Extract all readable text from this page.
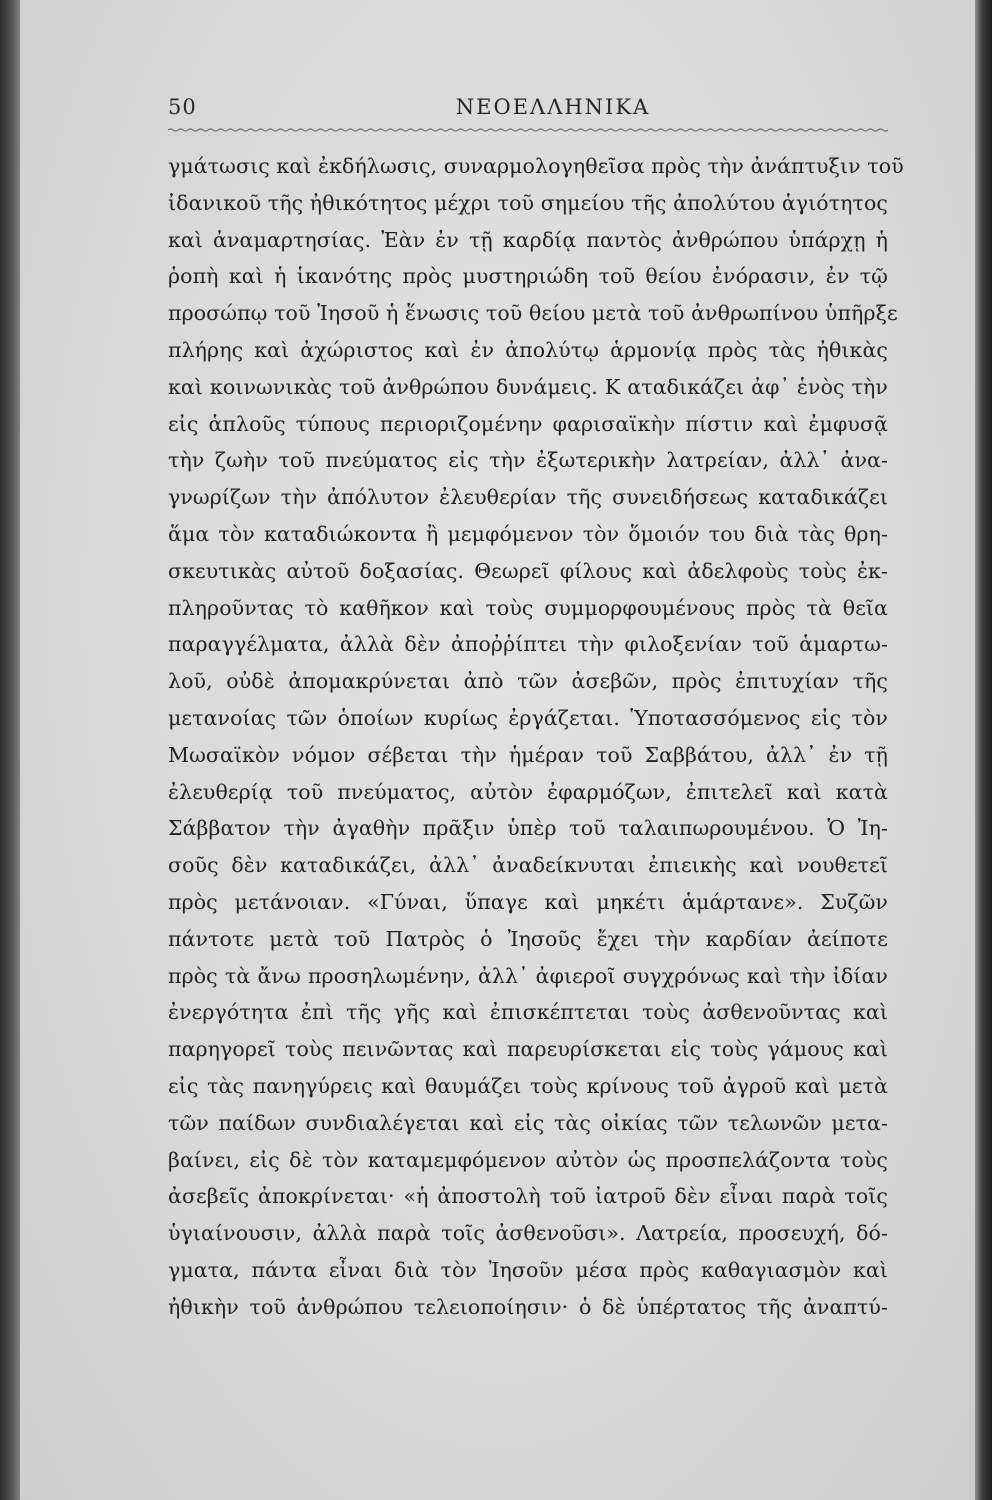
50	ΝΕΟΕΛΛΗΝΙΚΑ
γμάτωσις καὶ ἐκδήλωσις, συναρμολογηθεῖσα πρὸς τὴν ἀνάπτυξιν τοῦ
ἰδανικοῦ τῆς ἠθικότητος μέχρι τοῦ σημείου τῆς ἀπολύτου ἁγιότητος
καὶ ἀναμαρτησίας. Ἐὰν ἐν τῇ καρδίᾳ παντὸς ἀνθρώπου ὑπάρχῃ ἡ
ῥοπὴ καὶ ἡ ἱκανότης πρὸς μυστηριώδη τοῦ θείου ἐνόρασιν, ἐν τῷ
προσώπῳ τοῦ Ἰησοῦ ἡ ἕνωσις τοῦ θείου μετὰ τοῦ ἀνθρωπίνου ὑπῆρξε
πλήρης καὶ ἀχώριστος καὶ ἐν ἀπολύτῳ ἁρμονίᾳ πρὸς τὰς ἠθικὰς
καὶ κοινωνικὰς τοῦ ἀνθρώπου δυνάμεις. Κ αταδικάζει ἀφ᾽ ἑνὸς τὴν
εἰς ἁπλοῦς τύπους περιοριζομένην φαρισαϊκὴν πίστιν καὶ ἐμφυσᾷ
τὴν ζωὴν τοῦ πνεύματος εἰς τὴν ἐξωτερικὴν λατρείαν, ἀλλ᾽ ἀνα-
γνωρίζων τὴν ἀπόλυτον ἐλευθερίαν τῆς συνειδήσεως καταδικάζει
ἅμα τὸν καταδιώκοντα ἢ μεμφόμενον τὸν ὅμοιόν του διὰ τὰς θρη-
σκευτικὰς αὐτοῦ δοξασίας. Θεωρεῖ φίλους καὶ ἀδελφοὺς τοὺς ἐκ-
πληροῦντας τὸ καθῆκον καὶ τοὺς συμμορφουμένους πρὸς τὰ θεῖα
παραγγέλματα, ἀλλὰ δὲν ἀποῤῥίπτει τὴν φιλοξενίαν τοῦ ἁμαρτω-
λοῦ, οὐδὲ ἀπομακρύνεται ἀπὸ τῶν ἀσεβῶν, πρὸς ἐπιτυχίαν τῆς
μετανοίας τῶν ὁποίων κυρίως ἐργάζεται. Ὑποτασσόμενος εἰς τὸν
Μωσαϊκὸν νόμον σέβεται τὴν ἡμέραν τοῦ Σαββάτου, ἀλλ᾽ ἐν τῇ
ἐλευθερίᾳ τοῦ πνεύματος, αὐτὸν ἐφαρμόζων, ἐπιτελεῖ καὶ κατὰ
Σάββατον τὴν ἀγαθὴν πρᾶξιν ὑπὲρ τοῦ ταλαιπωρουμένου. Ὁ Ἰη-
σοῦς δὲν καταδικάζει, ἀλλ᾽ ἀναδείκνυται ἐπιεικὴς καὶ νουθετεῖ
πρὸς μετάνοιαν. «Γύναι, ὕπαγε καὶ μηκέτι ἁμάρτανε». Συζῶν
πάντοτε μετὰ τοῦ Πατρὸς ὁ Ἰησοῦς ἔχει τὴν καρδίαν ἀείποτε
πρὸς τὰ ἄνω προσηλωμένην, ἀλλ᾽ ἀφιεροῖ συγχρόνως καὶ τὴν ἰδίαν
ἐνεργότητα ἐπὶ τῆς γῆς καὶ ἐπισκέπτεται τοὺς ἀσθενοῦντας καὶ
παρηγορεῖ τοὺς πεινῶντας καὶ παρευρίσκεται εἰς τοὺς γάμους καὶ
εἰς τὰς πανηγύρεις καὶ θαυμάζει τοὺς κρίνους τοῦ ἀγροῦ καὶ μετὰ
τῶν παίδων συνδιαλέγεται καὶ εἰς τὰς οἰκίας τῶν τελωνῶν μετα-
βαίνει, εἰς δὲ τὸν καταμεμφόμενον αὐτὸν ὡς προσπελάζοντα τοὺς
ἀσεβεῖς ἀποκρίνεται· «ἡ ἀποστολὴ τοῦ ἰατροῦ δὲν εἶναι παρὰ τοῖς
ὑγιαίνουσιν, ἀλλὰ παρὰ τοῖς ἀσθενοῦσι». Λατρεία, προσευχή, δό-
γματα, πάντα εἶναι διὰ τὸν Ἰησοῦν μέσα πρὸς καθαγιασμὸν καὶ
ἠθικὴν τοῦ ἀνθρώπου τελειοποίησιν· ὁ δὲ ὑπέρτατος τῆς ἀναπτύ-
